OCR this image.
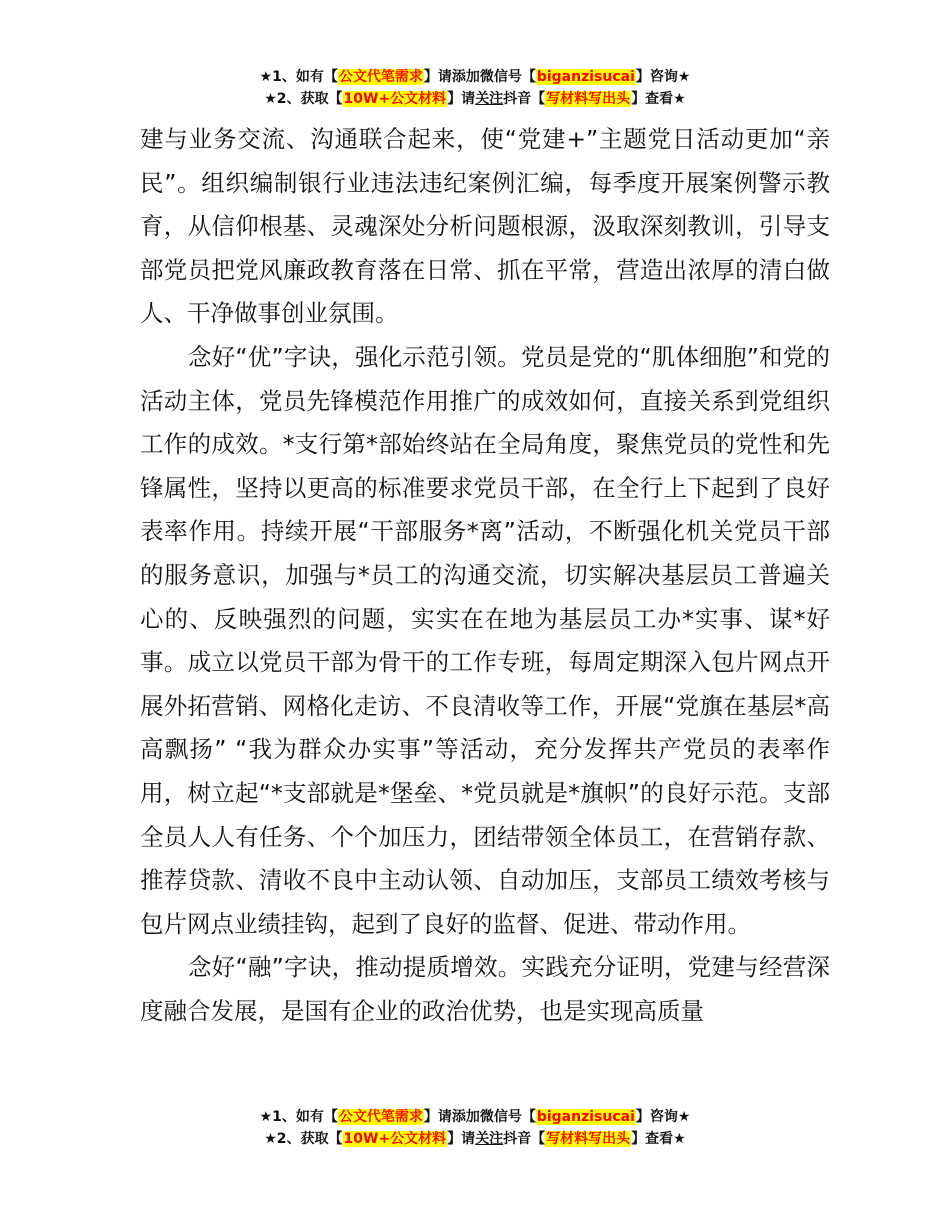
★1、如有【公文代笔需求】请添加微信号【biganzisucai】咨询★
★2、获取【10W+公文材料】请关注抖音【写材料写出头】查看★

建与业务交流、沟通联合起来，使“党建+”主题党日活动更加“亲民”。组织编制银行业违法违纪案例汇编，每季度开展案例警示教育，从信仰根基、灵魂深处分析问题根源，汲取深刻教训，引导支部党员把党风廉政教育落在日常、抓在平常，营造出浓厚的清白做人、干净做事创业氛围。

念好“优”字诀，强化示范引领。党员是党的“肌体细胞”和党的活动主体，党员先锋模范作用推广的成效如何，直接关系到党组织工作的成效。*支行第*部始终站在全局角度，聚焦党员的党性和先锋属性，坚持以更高的标准要求党员干部，在全行上下起到了良好表率作用。持续开展“干部服务*离”活动，不断强化机关党员干部的服务意识，加强与*员工的沟通交流，切实解决基层员工普遍关心的、反映强烈的问题，实实在在地为基层员工办*实事、谋*好事。成立以党员干部为骨干的工作专班，每周定期深入包片网点开展外拓营销、网格化走访、不良清收等工作，开展“党旗在基层*高高飘扬” “我为群众办实事”等活动，充分发挥共产党员的表率作用，树立起“*支部就是*堡垒、*党员就是*旗帜”的良好示范。支部全员人人有任务、个个加压力，团结带领全体员工，在营销存款、推荐贷款、清收不良中主动认领、自动加压，支部员工绩效考核与包片网点业绩挂钩，起到了良好的监督、促进、带动作用。

念好“融”字诀，推动提质增效。实践充分证明，党建与经营深度融合发展，是国有企业的政治优势，也是实现高质量

★1、如有【公文代笔需求】请添加微信号【biganzisucai】咨询★
★2、获取【10W+公文材料】请关注抖音【写材料写出头】查看★
